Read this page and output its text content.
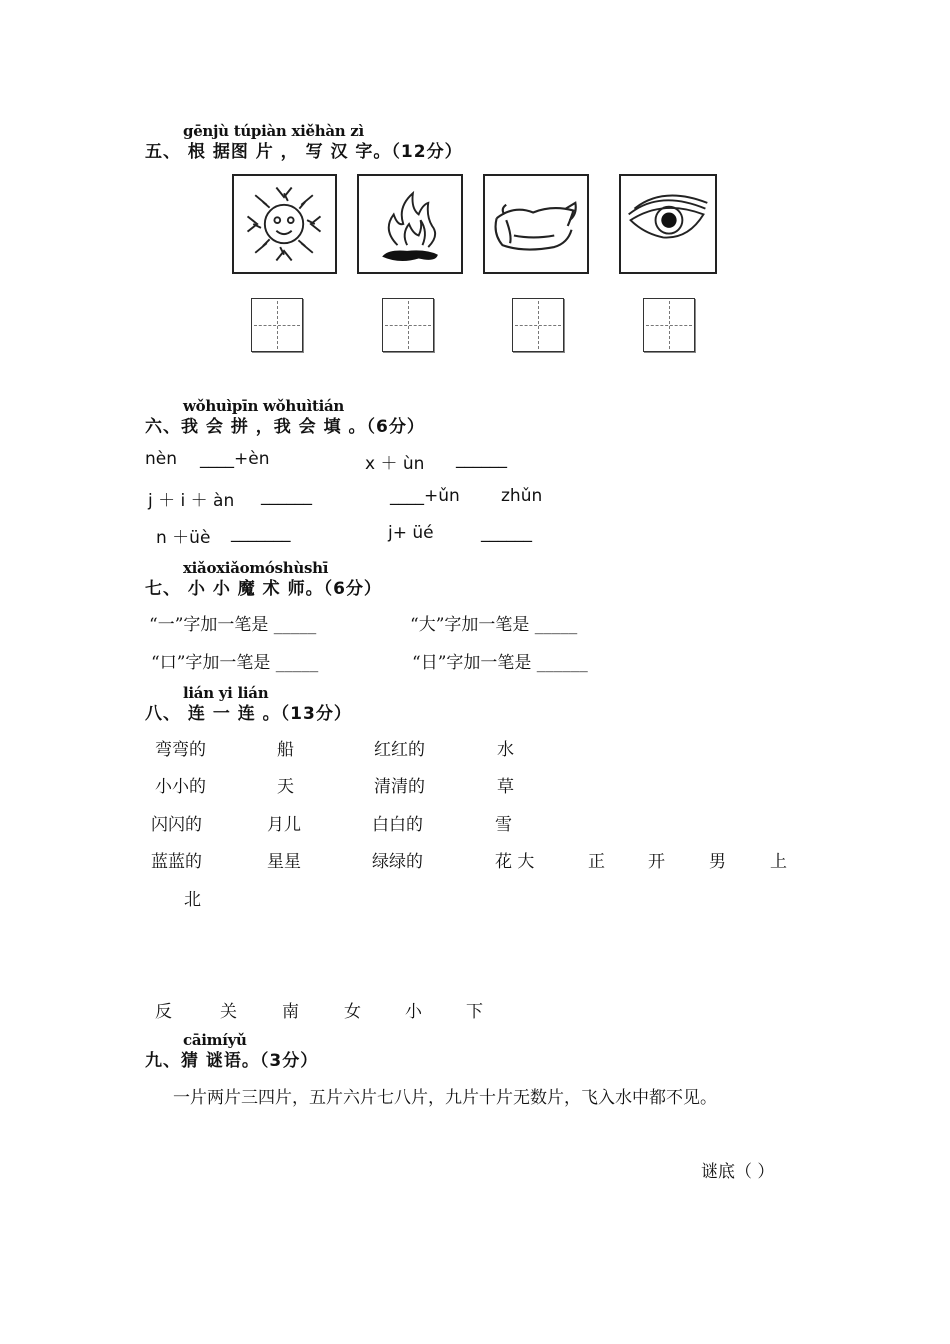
gēnjù túpiàn xiěhàn zì
五、 根 据图 片 ， 写 汉 字。（12分）
wǒhuìpīn wǒhuìtián
六、我 会 拼 ，我 会 填 。（6分）
nèn ____+èn	x ＋ ùn ______
j ＋ i ＋ àn ______	____+ǔn zhǔn
n ＋üè _______	j+ üé	______
xiǎoxiǎomóshùshī
七、 小 小 魔 术 师。（6分）
“一”字加一笔是 _____	“大”字加一笔是 _____
“口”字加一笔是 _____	“日”字加一笔是 ______
lián yi lián
八、 连 一 连 。（13分）
弯弯的	船	红红的	水
小小的	天	清清的	草
闪闪的	月儿	白白的	雪
蓝蓝的	星星	绿绿的	花 大	正	开	男	上
北
反	关	南	女	小	下
cāimíyǔ
九、猜 谜语。（3分）
一片两片三四片，五片六片七八片，九片十片无数片，飞入水中都不见。
谜底（ ）
